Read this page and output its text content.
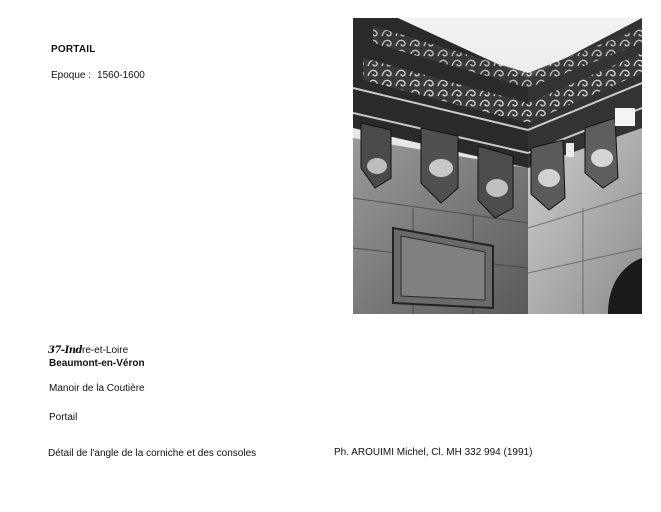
PORTAIL
Epoque : 1560-1600
37-Indre-et-Loire
Beaumont-en-Véron
Manoir de la Coutière
Portail
Détail de l'angle de la corniche et des consoles	Ph. AROUIMI Michel, Cl. MH 332 994 (1991)
